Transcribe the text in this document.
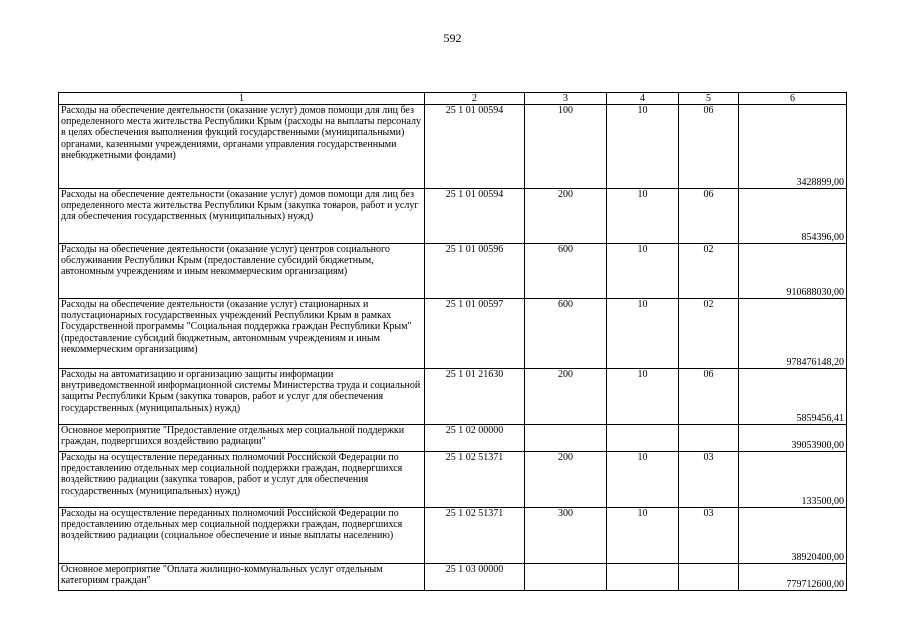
592
1	2	3	4	5	6
Расходы на обеспечение деятельности (оказание услуг) домов помощи для лиц без определенного места жительства Республики Крым (расходы на выплаты персоналу в целях обеспечения выполнения фукций государственными (муниципальными) органами, казенными учреждениями, органами управления государственными внебюджетными фондами)	25 1 01 00594	100	10	06	3428899,00
Расходы на обеспечение деятельности (оказание услуг) домов помощи для лиц без определенного места жительства Республики Крым (закупка товаров, работ и услуг для обеспечения государственных (муниципальных) нужд)	25 1 01 00594	200	10	06	854396,00
Расходы на обеспечение деятельности (оказание услуг) центров социального обслуживания Республики Крым (предоставление субсидий бюджетным, автономным учреждениям и иным некоммерческим организациям)	25 1 01 00596	600	10	02	910688030,00
Расходы на обеспечение деятельности (оказание услуг) стационарных и полустационарных государственных учреждений Республики Крым в рамках Государственной программы "Социальная поддержка граждан Республики Крым" (предоставление субсидий бюджетным, автономным учреждениям и иным некоммерческим организациям)	25 1 01 00597	600	10	02	978476148,20
Расходы на автоматизацию и организацию защиты информации внутриведомственной информационной системы Министерства труда и социальной защиты Республики Крым (закупка товаров, работ и услуг для обеспечения государственных (муниципальных) нужд)	25 1 01 21630	200	10	06	5859456,41
Основное мероприятие "Предоставление отдельных мер социальной поддержки граждан, подвергшихся воздействию радиации"	25 1 02 00000				39053900,00
Расходы на осуществление переданных полномочий Российской Федерации по предоставлению отдельных мер социальной поддержки граждан, подвергшихся воздействию радиации (закупка товаров, работ и услуг для обеспечения государственных (муниципальных) нужд)	25 1 02 51371	200	10	03	133500,00
Расходы на осуществление переданных полномочий Российской Федерации по предоставлению отдельных мер социальной поддержки граждан, подвергшихся воздействию радиации (социальное обеспечение и иные выплаты населению)	25 1 02 51371	300	10	03	38920400,00
Основное мероприятие "Оплата жилищно-коммунальных услуг отдельным категориям граждан"	25 1 03 00000				779712600,00
